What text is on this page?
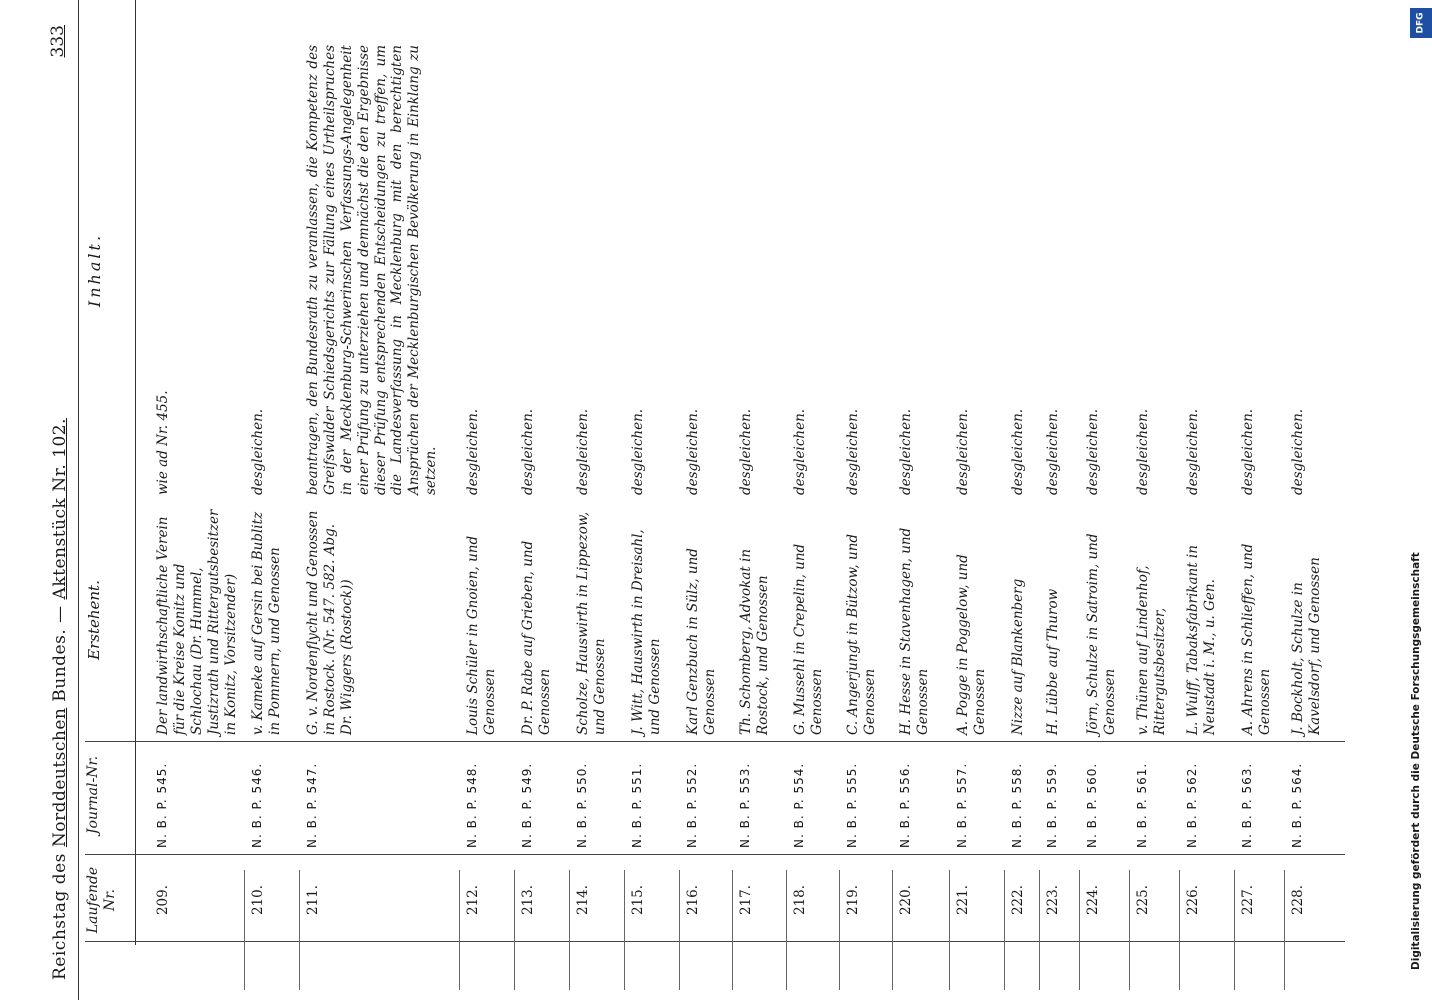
Reichstag des Norddeutschen Bundes. — Aktenstück Nr. 102.
333
Laufende Nr.
Journal-Nr.
Erstehent.
Inhalt.
209.
N. B. P. 545.
Der landwirthschaftliche Verein für die Kreise Konitz und Schlochau (Dr. Hummel, Justizrath und Rittergutsbesitzer in Konitz, Vorsitzender)
wie ad Nr. 455.
210.
N. B. P. 546.
v. Kameke auf Gersin bei Bublitz in Pommern, und Genossen
desgleichen.
211.
N. B. P. 547.
G. v. Nordenflycht und Genossen in Rostock. (Nr. 547. 582. Abg. Dr. Wiggers (Rostock))
beantragen, den Bundesrath zu veranlassen, die Kompetenz des Greifswalder Schiedsgerichts zur Fällung eines Urtheilspruches in der Mecklenburg-Schwerinschen Verfassungs-Angelegenheit einer Prüfung zu unterziehen und demnächst die den Ergebnisse dieser Prüfung entsprechenden Entscheidungen zu treffen, um die Landesverfassung in Mecklenburg mit den berechtigten Ansprüchen der Mecklenburgischen Bevölkerung in Einklang zu setzen.
212.
N. B. P. 548.
Louis Schüler in Gnoien, und Genossen
desgleichen.
213.
N. B. P. 549.
Dr. P. Rabe auf Grieben, und Genossen
desgleichen.
214.
N. B. P. 550.
Scholze, Hauswirth in Lippezow, und Genossen
desgleichen.
215.
N. B. P. 551.
J. Witt, Hauswirth in Dreisahl, und Genossen
desgleichen.
216.
N. B. P. 552.
Karl Genzbuch in Sülz, und Genossen
desgleichen.
217.
N. B. P. 553.
Th. Schomberg, Advokat in Rostock, und Genossen
desgleichen.
218.
N. B. P. 554.
G. Mussehl in Crepelin, und Genossen
desgleichen.
219.
N. B. P. 555.
C. Angerjungt in Bützow, und Genossen
desgleichen.
220.
N. B. P. 556.
H. Hesse in Stavenhagen, und Genossen
desgleichen.
221.
N. B. P. 557.
A. Pogge in Poggelow, und Genossen
desgleichen.
222.
N. B. P. 558.
Nizze auf Blankenberg
desgleichen.
223.
N. B. P. 559.
H. Lübbe auf Thurow
desgleichen.
224.
N. B. P. 560.
Jörn, Schulze in Satroim, und Genossen
desgleichen.
225.
N. B. P. 561.
v. Thünen auf Lindenhof, Rittergutsbesitzer,
desgleichen.
226.
N. B. P. 562.
L. Wulff, Tabaksfabrikant in Neustadt i. M., u. Gen.
desgleichen.
227.
N. B. P. 563.
A. Ahrens in Schlieffen, und Genossen
desgleichen.
228.
N. B. P. 564.
J. Bockholt, Schulze in Kavelsdorf, und Genossen
desgleichen.
DFG
Digitalisierung gefördert durch die Deutsche Forschungsgemeinschaft
